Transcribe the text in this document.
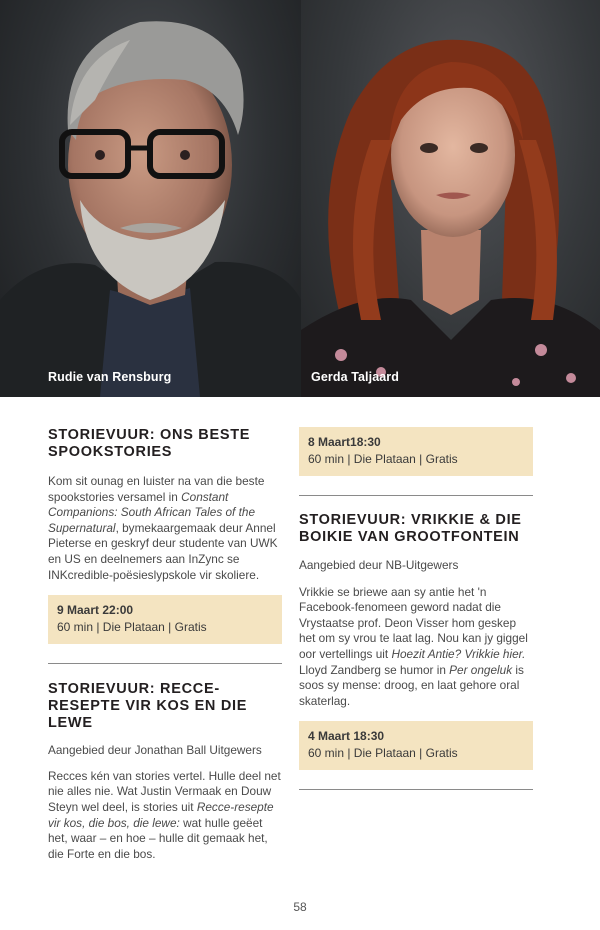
Rudie van Rensburg	Gerda Taljaard
STORIEVUUR: ONS BESTE SPOOKSTORIES

Kom sit ounag en luister na van die beste spookstories versamel in Constant Companions: South African Tales of the Supernatural, bymekaargemaak deur Annel Pieterse en geskryf deur studente van UWK en US en deelnemers aan InZync se INKcredible-poësieslypskole vir skoliere.

9 Maart 22:00
60 min | Die Plataan | Gratis
STORIEVUUR: RECCE-RESEPTE VIR KOS EN DIE LEWE

Aangebied deur Jonathan Ball Uitgewers

Recces kén van stories vertel. Hulle deel net nie alles nie. Wat Justin Vermaak en Douw Steyn wel deel, is stories uit Recce-resepte vir kos, die bos, die lewe: wat hulle geëet het, waar – en hoe – hulle dit gemaak het, die Forte en die bos.

8 Maart18:30
60 min | Die Plataan | Gratis
STORIEVUUR: VRIKKIE & DIE BOIKIE VAN GROOTFONTEIN

Aangebied deur NB-Uitgewers

Vrikkie se briewe aan sy antie het 'n Facebook-fenomeen geword nadat die Vrystaatse prof. Deon Visser hom geskep het om sy vrou te laat lag. Nou kan jy giggel oor vertellings uit Hoezit Antie? Vrikkie hier. Lloyd Zandberg se humor in Per ongeluk is soos sy mense: droog, en laat gehore oral skaterlag.

4 Maart 18:30
60 min | Die Plataan | Gratis
58
